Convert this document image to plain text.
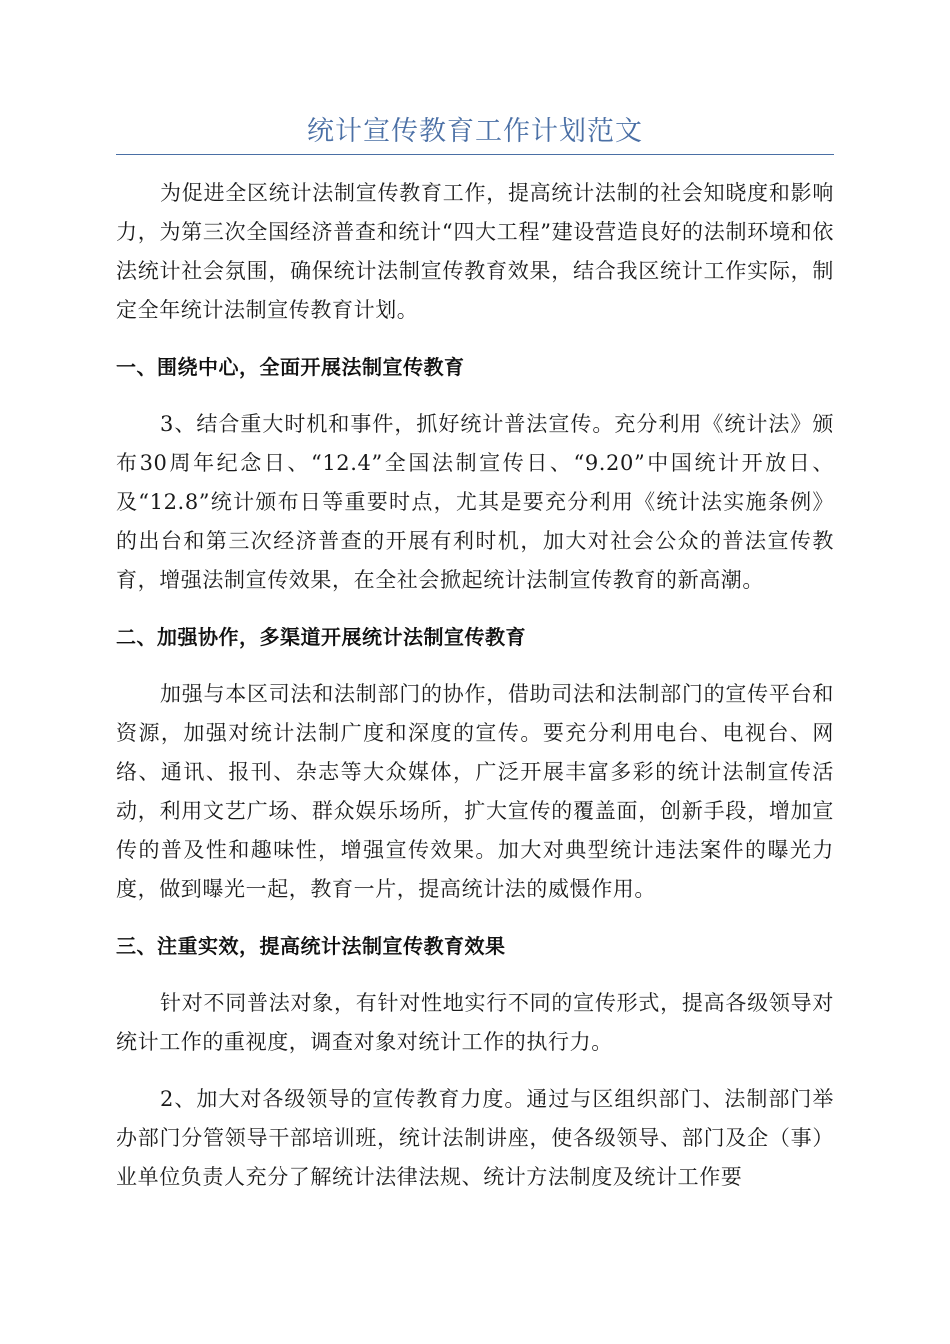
统计宣传教育工作计划范文

为促进全区统计法制宣传教育工作，提高统计法制的社会知晓度和影响力，为第三次全国经济普查和统计“四大工程”建设营造良好的法制环境和依法统计社会氛围，确保统计法制宣传教育效果，结合我区统计工作实际，制定全年统计法制宣传教育计划。

一、围绕中心，全面开展法制宣传教育

3、结合重大时机和事件，抓好统计普法宣传。充分利用《统计法》颁布30周年纪念日、“12.4”全国法制宣传日、“9.20”中国统计开放日、及“12.8”统计颁布日等重要时点，尤其是要充分利用《统计法实施条例》的出台和第三次经济普查的开展有利时机，加大对社会公众的普法宣传教育，增强法制宣传效果，在全社会掀起统计法制宣传教育的新高潮。

二、加强协作，多渠道开展统计法制宣传教育

加强与本区司法和法制部门的协作，借助司法和法制部门的宣传平台和资源，加强对统计法制广度和深度的宣传。要充分利用电台、电视台、网络、通讯、报刊、杂志等大众媒体，广泛开展丰富多彩的统计法制宣传活动，利用文艺广场、群众娱乐场所，扩大宣传的覆盖面，创新手段，增加宣传的普及性和趣味性，增强宣传效果。加大对典型统计违法案件的曝光力度，做到曝光一起，教育一片，提高统计法的威慑作用。

三、注重实效，提高统计法制宣传教育效果

针对不同普法对象，有针对性地实行不同的宣传形式，提高各级领导对统计工作的重视度，调查对象对统计工作的执行力。

2、加大对各级领导的宣传教育力度。通过与区组织部门、法制部门举办部门分管领导干部培训班，统计法制讲座，使各级领导、部门及企（事）业单位负责人充分了解统计法律法规、统计方法制度及统计工作要
